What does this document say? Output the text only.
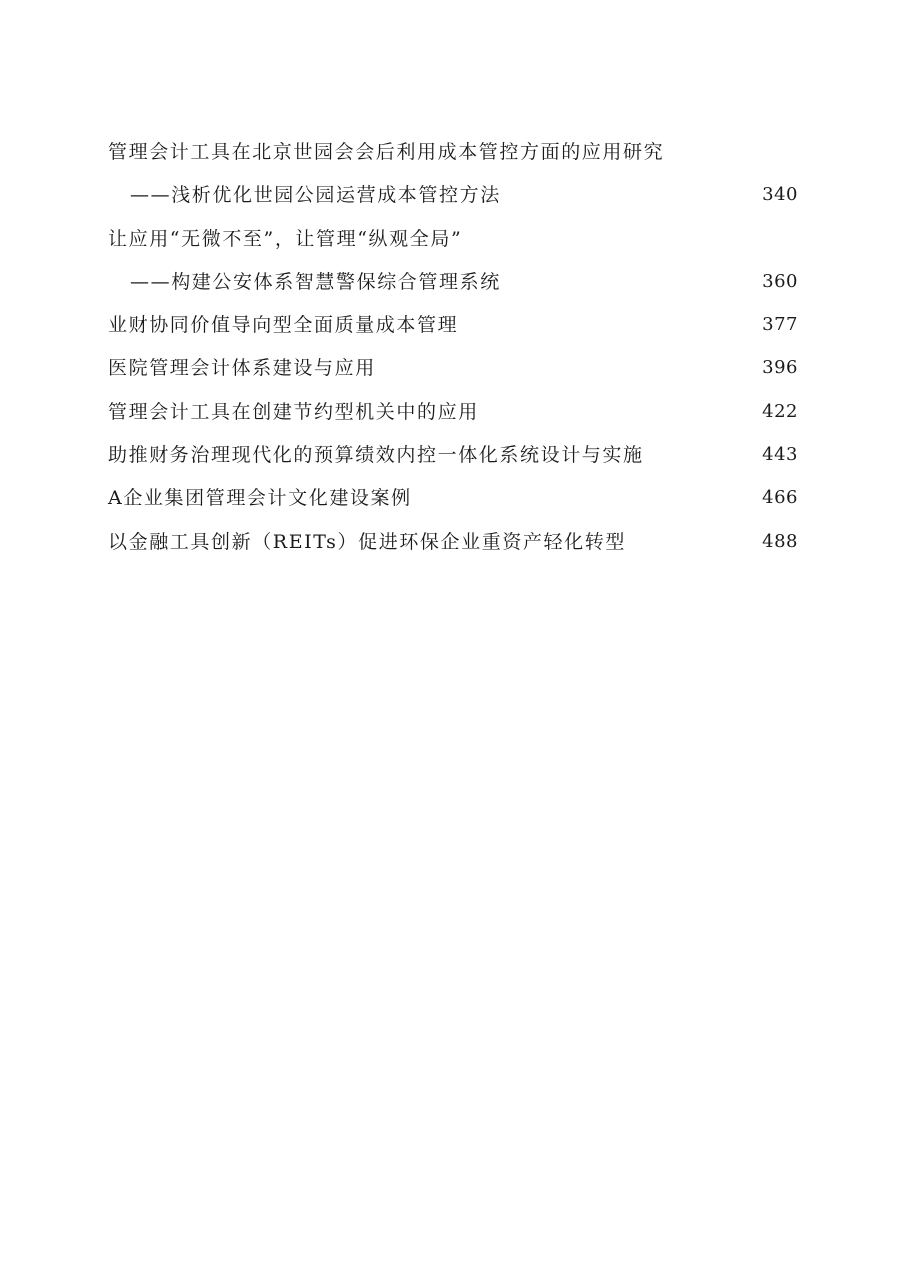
管理会计工具在北京世园会会后利用成本管控方面的应用研究
——浅析优化世园公园运营成本管控方法	340
让应用“无微不至”，让管理“纵观全局”
——构建公安体系智慧警保综合管理系统	360
业财协同价值导向型全面质量成本管理	377
医院管理会计体系建设与应用	396
管理会计工具在创建节约型机关中的应用	422
助推财务治理现代化的预算绩效内控一体化系统设计与实施	443
A企业集团管理会计文化建设案例	466
以金融工具创新（REITs）促进环保企业重资产轻化转型	488
